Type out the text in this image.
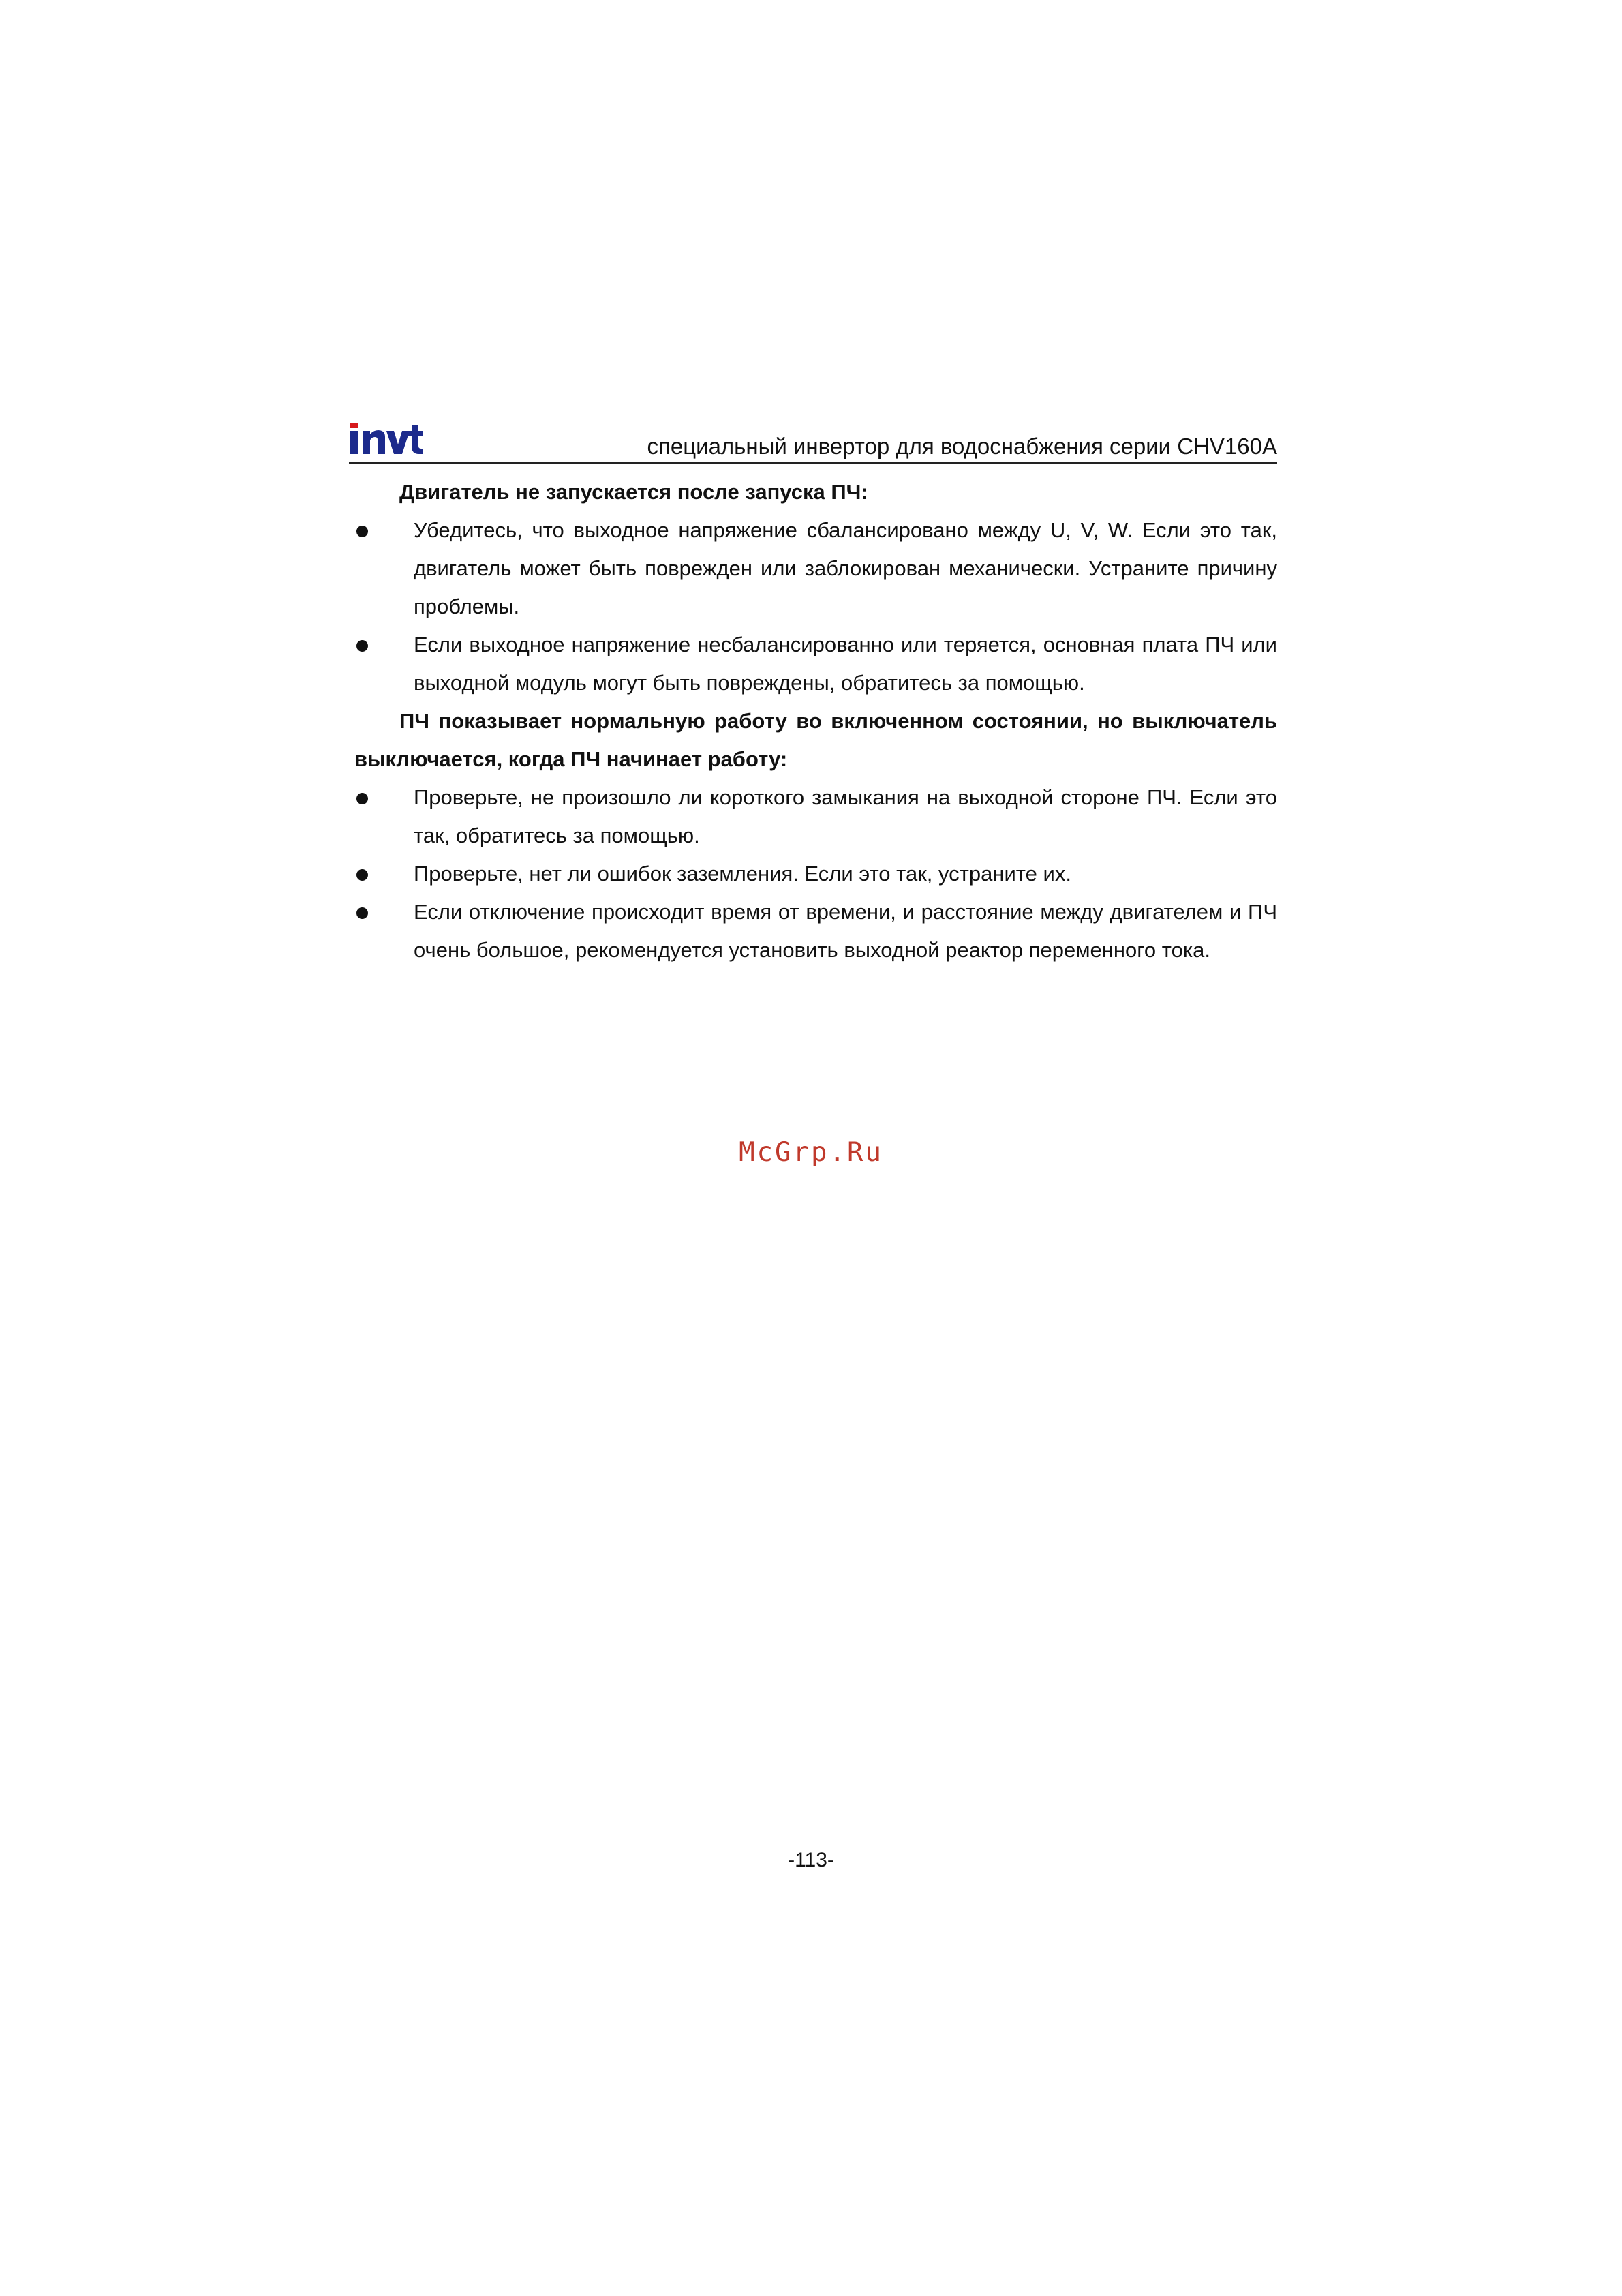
специальный инвертор для водоснабжения серии CHV160A
Двигатель не запускается после запуска ПЧ:
Убедитесь, что выходное напряжение сбалансировано между U, V, W. Если это так, двигатель может быть поврежден или заблокирован механически. Устраните причину проблемы.
Если выходное напряжение несбалансированно или теряется, основная плата ПЧ или выходной модуль могут быть повреждены, обратитесь за помощью.
ПЧ показывает нормальную работу во включенном состоянии, но выключатель выключается, когда ПЧ начинает работу:
Проверьте, не произошло ли короткого замыкания на выходной стороне ПЧ. Если это так, обратитесь за помощью.
Проверьте, нет ли ошибок заземления. Если это так, устраните их.
Если отключение происходит время от времени, и расстояние между двигателем и ПЧ очень большое, рекомендуется установить выходной реактор переменного тока.
McGrp.Ru
-113-
